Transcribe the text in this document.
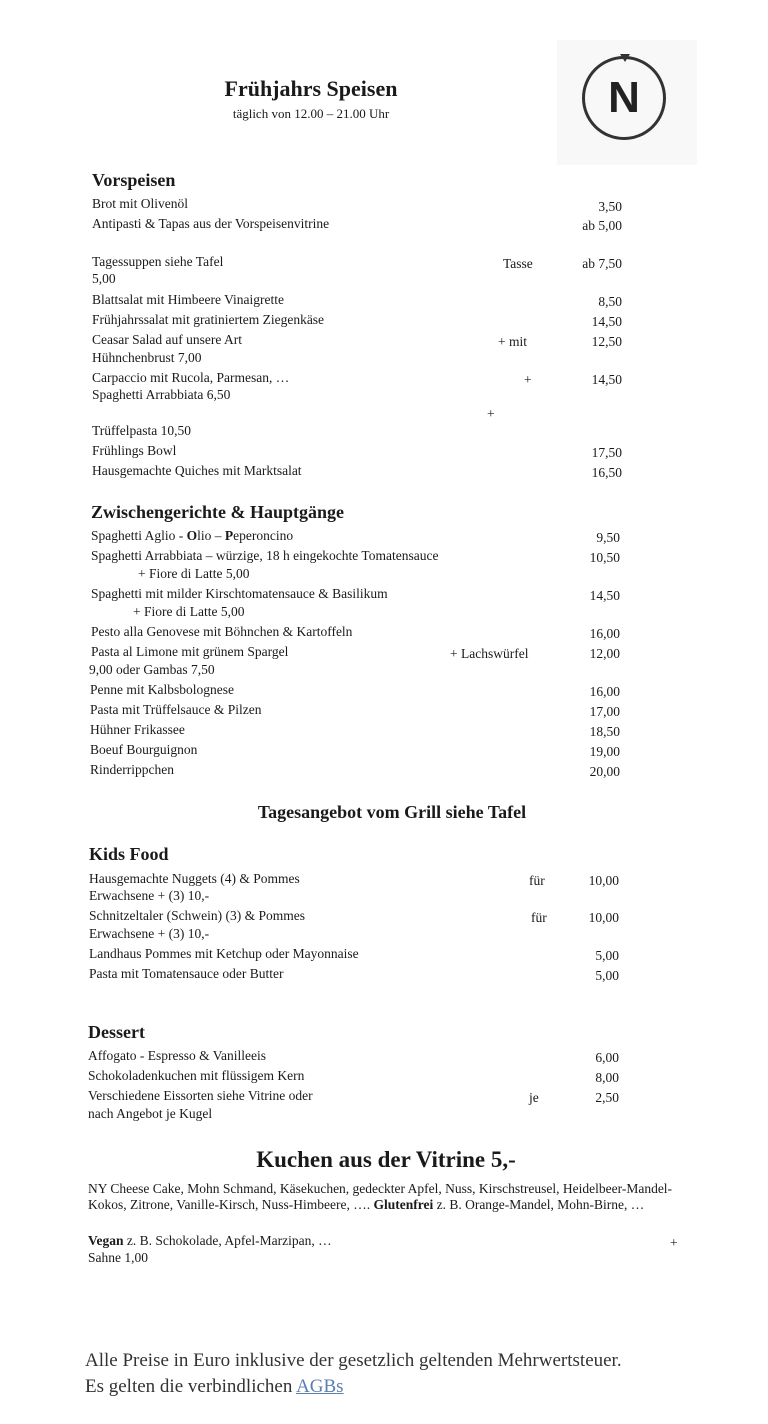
Frühjahrs Speisen
täglich von 12.00 – 21.00 Uhr	N
Vorspeisen
Brot mit Olivenöl	3,50
Antipasti & Tapas aus der Vorspeisenvitrine	ab 5,00
Tagessuppen siehe Tafel	Tasse	ab 7,50
5,00
Blattsalat mit Himbeere Vinaigrette	8,50
Frühjahrssalat mit gratiniertem Ziegenkäse	14,50
Ceasar Salad auf unsere Art	+ mit	12,50
Hühnchenbrust 7,00
Carpaccio mit Rucola, Parmesan, …	+	14,50
Spaghetti Arrabbiata 6,50
+
Trüffelpasta 10,50
Frühlings Bowl	17,50
Hausgemachte Quiches mit Marktsalat	16,50
Zwischengerichte & Hauptgänge
Spaghetti Aglio - Olio – Peperoncino	9,50
Spaghetti Arrabbiata – würzige, 18 h eingekochte Tomatensauce	10,50
+ Fiore di Latte 5,00
Spaghetti mit milder Kirschtomatensauce & Basilikum	14,50
+ Fiore di Latte 5,00
Pesto alla Genovese mit Böhnchen & Kartoffeln	16,00
Pasta al Limone mit grünem Spargel	+ Lachswürfel	12,00
9,00 oder Gambas 7,50
Penne mit Kalbsbolognese	16,00
Pasta mit Trüffelsauce & Pilzen	17,00
Hühner Frikassee	18,50
Boeuf Bourguignon	19,00
Rinderrippchen	20,00
Tagesangebot vom Grill siehe Tafel
Kids Food
Hausgemachte Nuggets (4) & Pommes	für	10,00
Erwachsene + (3) 10,-
Schnitzeltaler (Schwein) (3) & Pommes	für	10,00
Erwachsene + (3) 10,-
Landhaus Pommes mit Ketchup oder Mayonnaise	5,00
Pasta mit Tomatensauce oder Butter	5,00
Dessert
Affogato - Espresso & Vanilleeis	6,00
Schokoladenkuchen mit flüssigem Kern	8,00
Verschiedene Eissorten siehe Vitrine oder	je	2,50
nach Angebot je Kugel
Kuchen aus der Vitrine 5,-
NY Cheese Cake, Mohn Schmand, Käsekuchen, gedeckter Apfel, Nuss, Kirschstreusel, Heidelbeer-Mandel-Kokos, Zitrone, Vanille-Kirsch, Nuss-Himbeere, …. Glutenfrei z. B. Orange-Mandel, Mohn-Birne, …
Vegan z. B. Schokolade, Apfel-Marzipan, …	+
Sahne 1,00
Alle Preise in Euro inklusive der gesetzlich geltenden Mehrwertsteuer.
Es gelten die verbindlichen AGBs
